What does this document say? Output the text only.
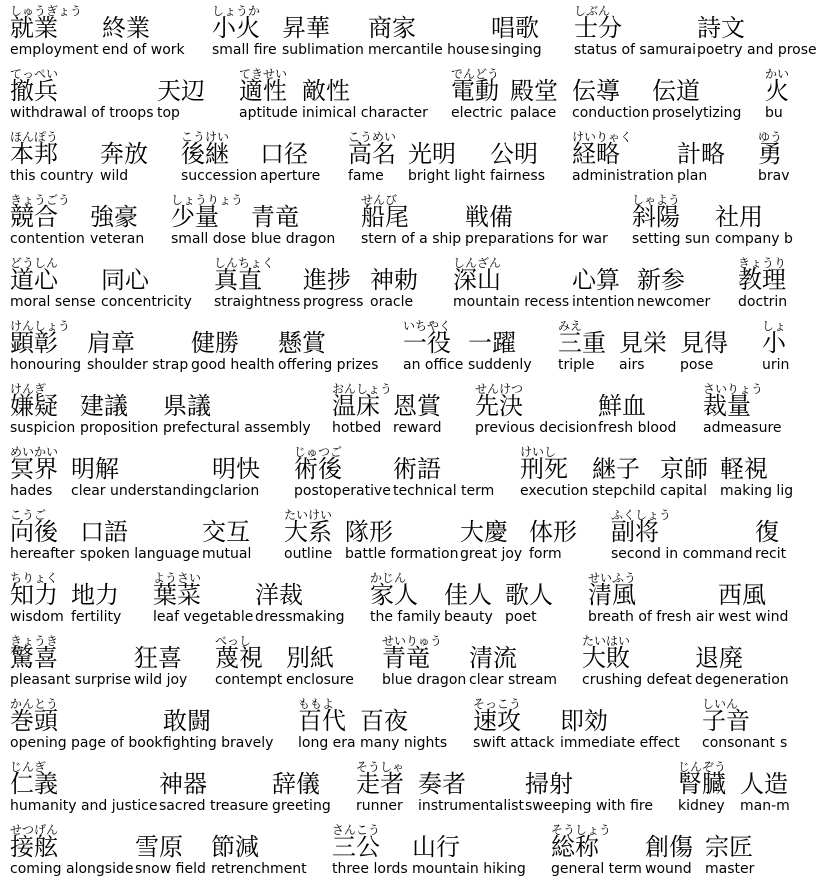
しゅうぎょう
就業
employment
終業
end of work
しょうか
小火
small fire
昇華
sublimation
商家
mercantile house
唱歌
singing
しぶん
士分
status of samurai
詩文
poetry and prose
てっぺい
撤兵
withdrawal of troops
天辺
top
てきせい
適性
aptitude
敵性
inimical character
でんどう
電動
electric
殿堂
palace
伝導
conduction
伝道
proselytizing
かい
火
bu
ほんぽう
本邦
this country
奔放
wild
こうけい
後継
succession
口径
aperture
こうめい
高名
fame
光明
bright light
公明
fairness
けいりゃく
経略
administration
計略
plan
ゆう
勇
brav
きょうごう
競合
contention
強豪
veteran
しょうりょう
少量
small dose
青竜
blue dragon
せんび
船尾
stern of a ship
戦備
preparations for war
しゃよう
斜陽
setting sun
社用
company b
どうしん
道心
moral sense
同心
concentricity
しんちょく
真直
straightness
進捗
progress
神勅
oracle
しんざん
深山
mountain recess
心算
intention
新参
newcomer
きょうり
教理
doctrin
けんしょう
顕彰
honouring
肩章
shoulder strap
健勝
good health
懸賞
offering prizes
いちやく
一役
an office
一躍
suddenly
みえ
三重
triple
見栄
airs
見得
pose
しょ
小
urin
けんぎ
嫌疑
suspicion
建議
proposition
県議
prefectural assembly
おんしょう
温床
hotbed
恩賞
reward
せんけつ
先決
previous decision
鮮血
fresh blood
さいりょう
裁量
admeasure
めいかい
冥界
hades
明解
clear understanding
明快
clarion
じゅつご
術後
postoperative
術語
technical term
けいし
刑死
execution
継子
stepchild
京師
capital
軽視
making lig
こうご
向後
hereafter
口語
spoken language
交互
mutual
たいけい
大系
outline
隊形
battle formation
大慶
great joy
体形
form
ふくしょう
副将
second in command
復
recit
ちりょく
知力
wisdom
地力
fertility
ようさい
葉菜
leaf vegetable
洋裁
dressmaking
かじん
家人
the family
佳人
beauty
歌人
poet
せいふう
清風
breath of fresh air
西風
west wind
きょうき
驚喜
pleasant surprise
狂喜
wild joy
べっし
蔑視
contempt
別紙
enclosure
せいりゅう
青竜
blue dragon
清流
clear stream
たいはい
大敗
crushing defeat
退廃
degeneration
かんとう
巻頭
opening page of book
敢闘
fighting bravely
ももよ
百代
long era
百夜
many nights
そっこう
速攻
swift attack
即効
immediate effect
しいん
子音
consonant s
じんぎ
仁義
humanity and justice
神器
sacred treasure
辞儀
greeting
そうしゃ
走者
runner
奏者
instrumentalist
掃射
sweeping with fire
じんぞう
腎臓
kidney
人造
man-m
せつげん
接舷
coming alongside
雪原
snow field
節減
retrenchment
さんこう
三公
three lords
山行
mountain hiking
そうしょう
総称
general term
創傷
wound
宗匠
master
